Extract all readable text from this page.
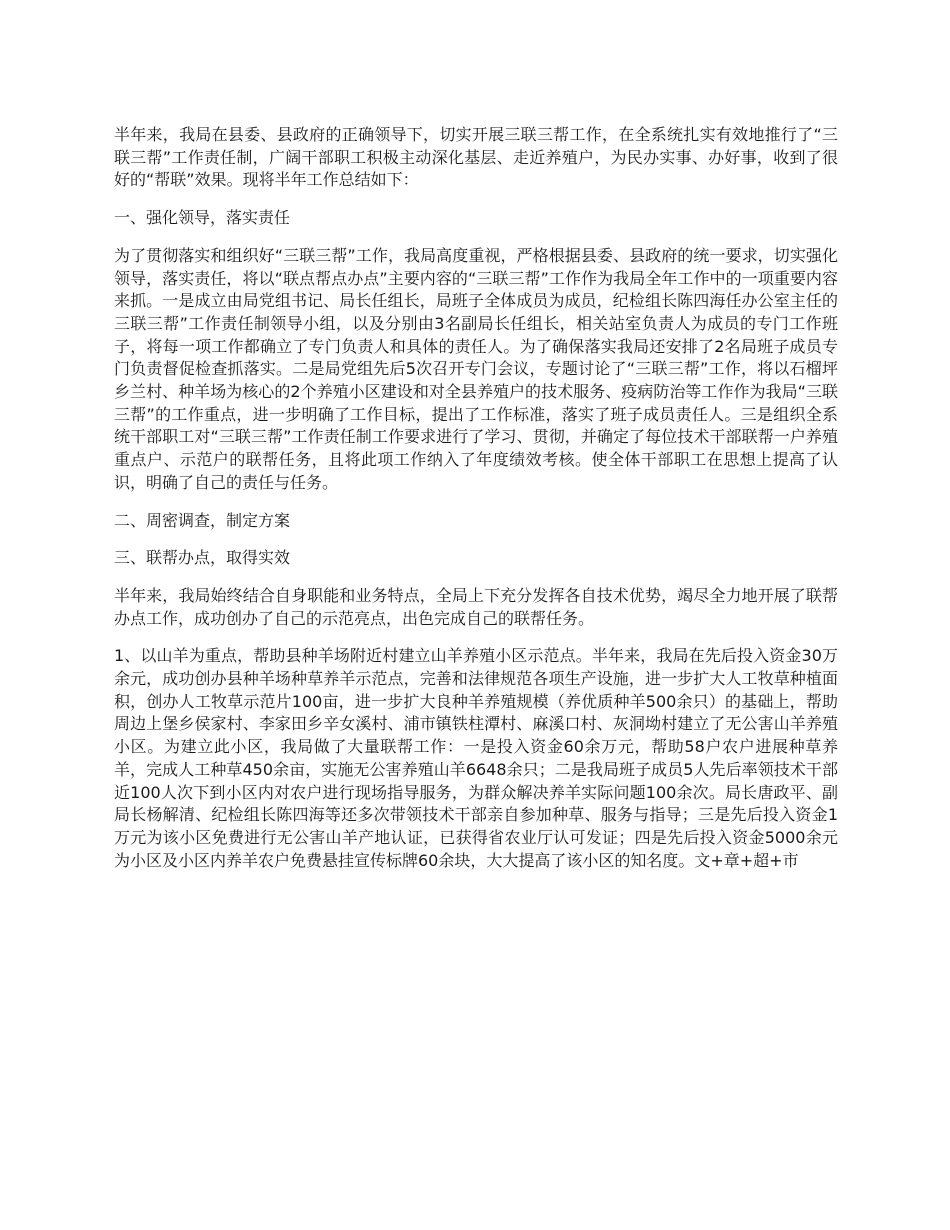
半年来，我局在县委、县政府的正确领导下，切实开展三联三帮工作，在全系统扎实有效地推行了“三联三帮”工作责任制，广阔干部职工积极主动深化基层、走近养殖户，为民办实事、办好事，收到了很好的“帮联”效果。现将半年工作总结如下：

一、强化领导，落实责任

为了贯彻落实和组织好“三联三帮”工作，我局高度重视，严格根据县委、县政府的统一要求，切实强化领导，落实责任，将以“联点帮点办点”主要内容的“三联三帮”工作作为我局全年工作中的一项重要内容来抓。一是成立由局党组书记、局长任组长，局班子全体成员为成员，纪检组长陈四海任办公室主任的三联三帮”工作责任制领导小组，以及分别由3名副局长任组长，相关站室负责人为成员的专门工作班子，将每一项工作都确立了专门负责人和具体的责任人。为了确保落实我局还安排了2名局班子成员专门负责督促检查抓落实。二是局党组先后5次召开专门会议，专题讨论了“三联三帮”工作，将以石榴坪乡兰村、种羊场为核心的2个养殖小区建设和对全县养殖户的技术服务、疫病防治等工作作为我局“三联三帮”的工作重点，进一步明确了工作目标，提出了工作标准，落实了班子成员责任人。三是组织全系统干部职工对“三联三帮”工作责任制工作要求进行了学习、贯彻，并确定了每位技术干部联帮一户养殖重点户、示范户的联帮任务，且将此项工作纳入了年度绩效考核。使全体干部职工在思想上提高了认识，明确了自己的责任与任务。

二、周密调查，制定方案

三、联帮办点，取得实效

半年来，我局始终结合自身职能和业务特点，全局上下充分发挥各自技术优势，竭尽全力地开展了联帮办点工作，成功创办了自己的示范亮点，出色完成自己的联帮任务。

1、以山羊为重点，帮助县种羊场附近村建立山羊养殖小区示范点。半年来，我局在先后投入资金30万余元，成功创办县种羊场种草养羊示范点，完善和法律规范各项生产设施，进一步扩大人工牧草种植面积，创办人工牧草示范片100亩，进一步扩大良种羊养殖规模（养优质种羊500余只）的基础上，帮助周边上堡乡侯家村、李家田乡辛女溪村、浦市镇铁柱潭村、麻溪口村、灰洞坳村建立了无公害山羊养殖小区。为建立此小区，我局做了大量联帮工作：一是投入资金60余万元，帮助58户农户进展种草养羊，完成人工种草450余亩，实施无公害养殖山羊6648余只；二是我局班子成员5人先后率领技术干部近100人次下到小区内对农户进行现场指导服务，为群众解决养羊实际问题100余次。局长唐政平、副局长杨解清、纪检组长陈四海等还多次带领技术干部亲自参加种草、服务与指导；三是先后投入资金1万元为该小区免费进行无公害山羊产地认证，已获得省农业厅认可发证；四是先后投入资金5000余元为小区及小区内养羊农户免费悬挂宣传标牌60余块，大大提高了该小区的知名度。文+章+超+市
